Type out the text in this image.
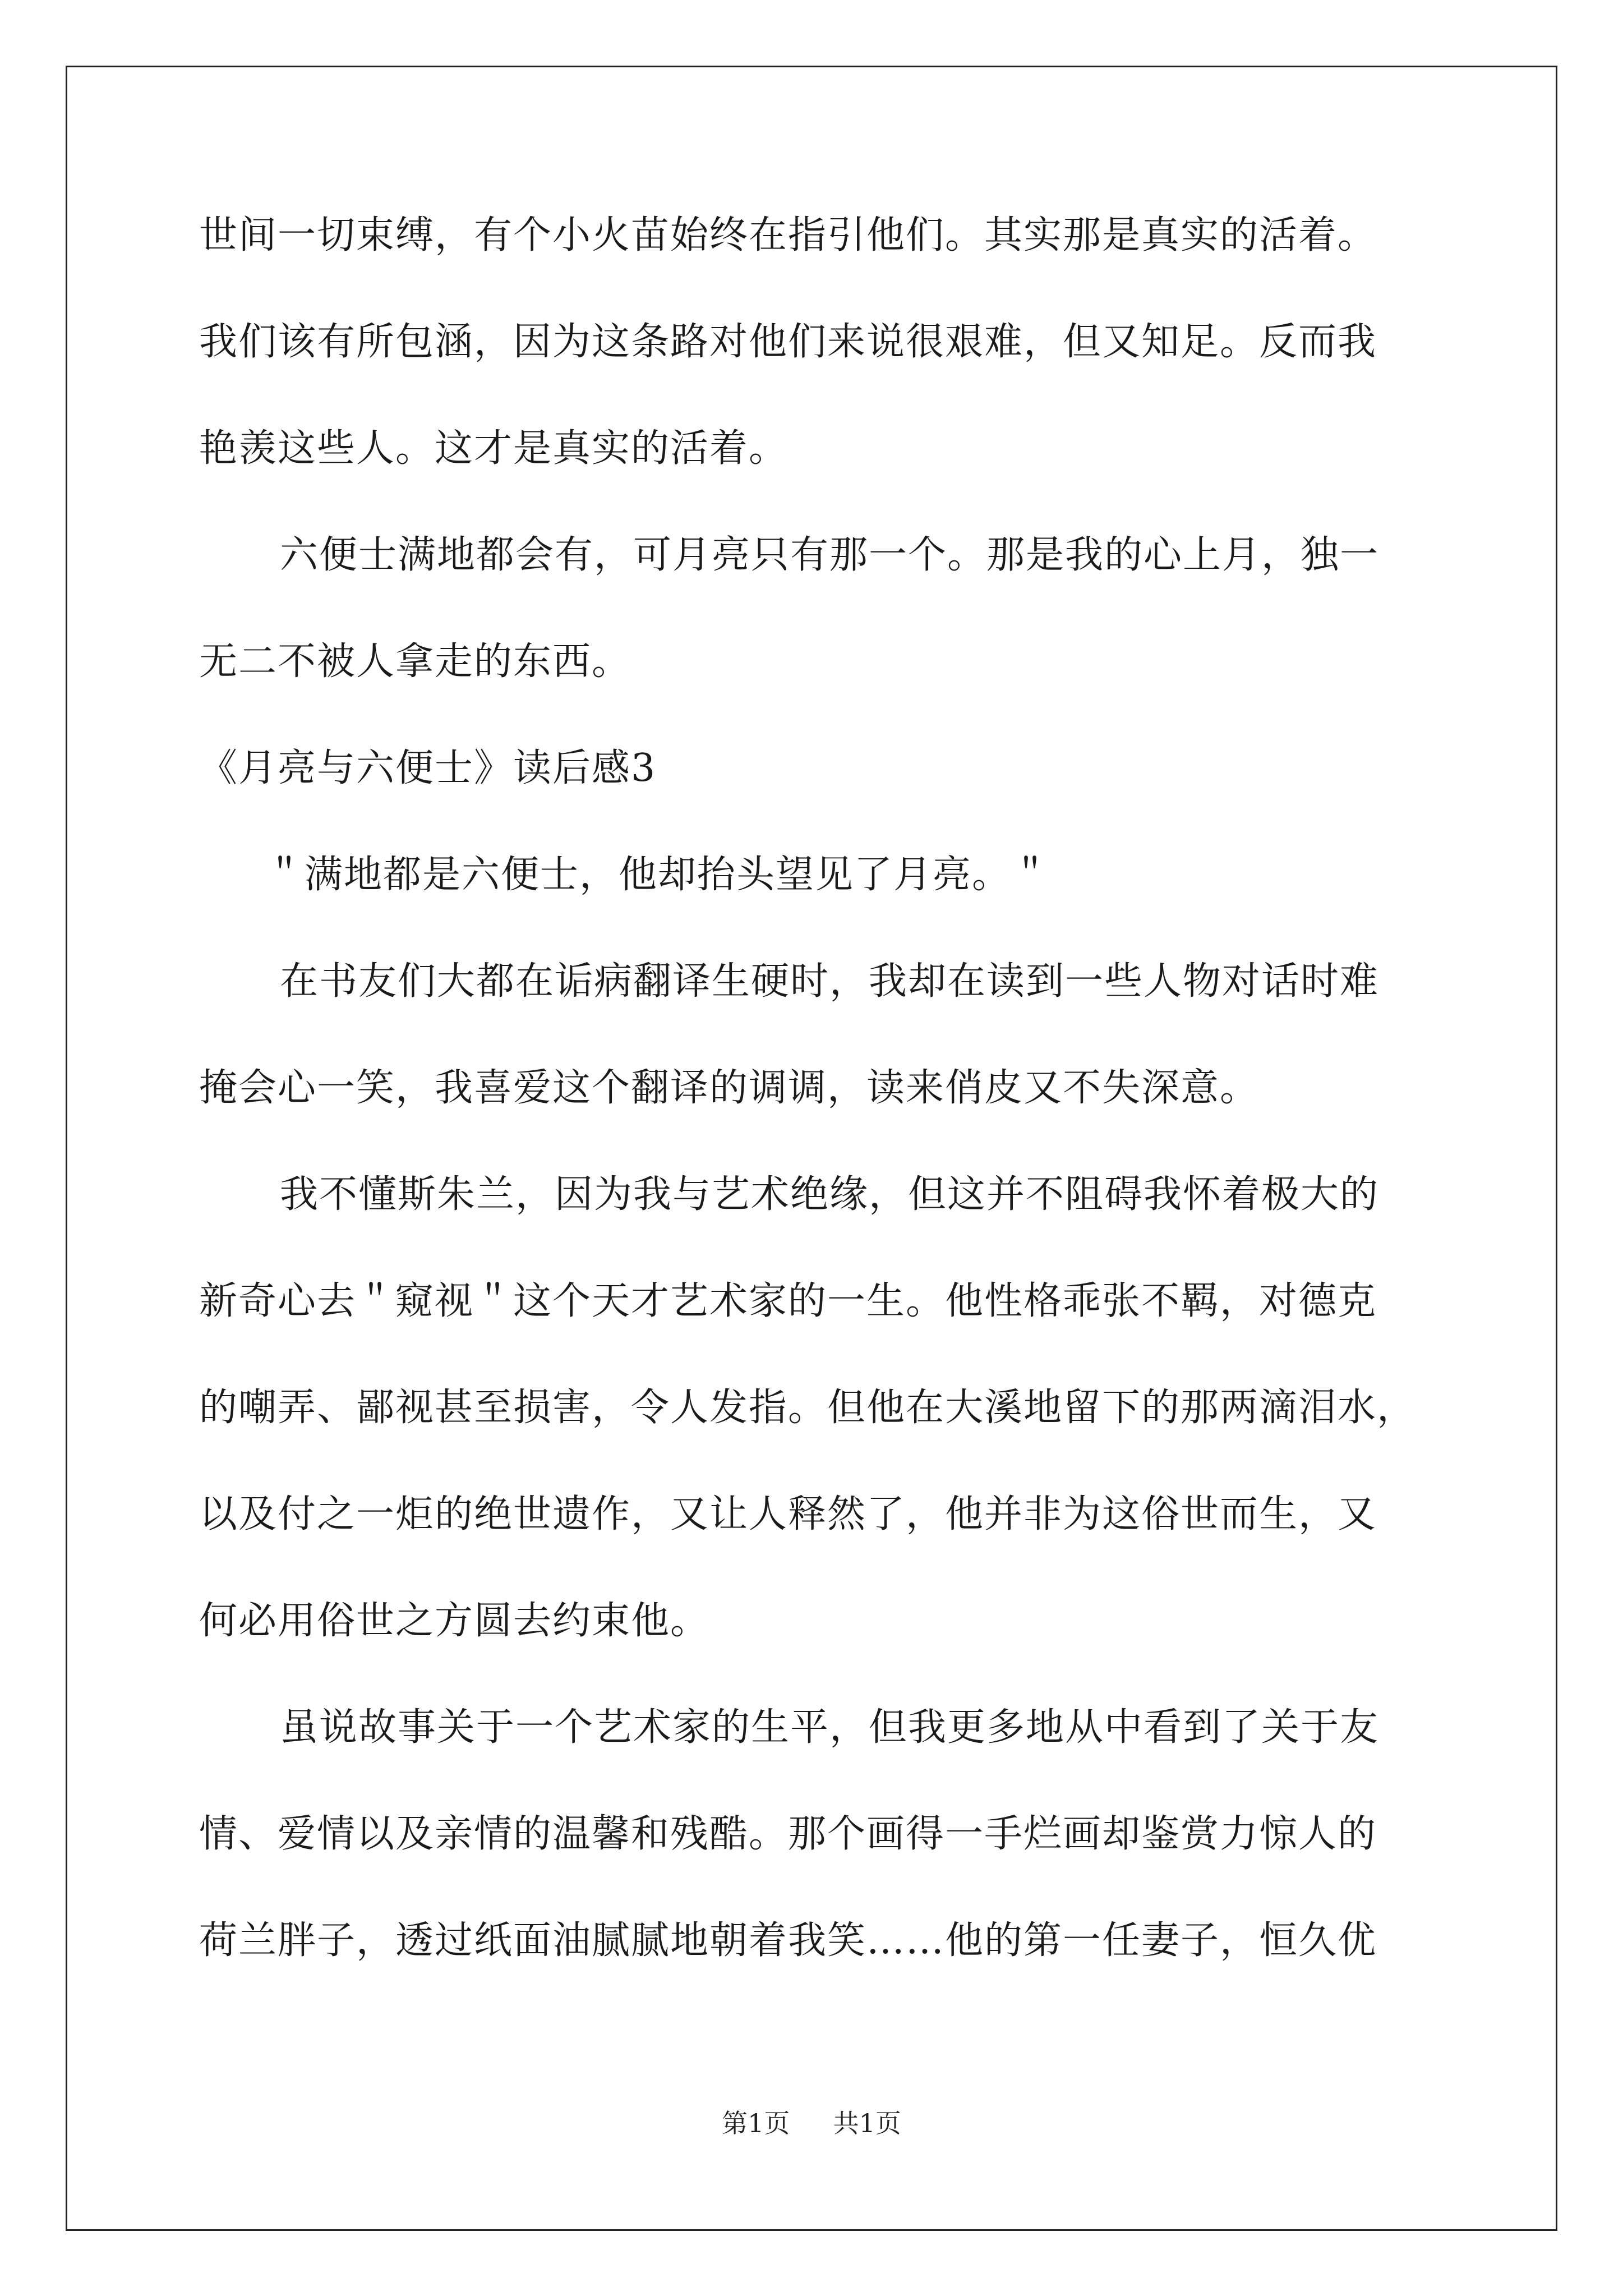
世间一切束缚，有个小火苗始终在指引他们。其实那是真实的活着。
我们该有所包涵，因为这条路对他们来说很艰难，但又知足。反而我
艳羡这些人。这才是真实的活着。
六便士满地都会有，可月亮只有那一个。那是我的心上月，独一
无二不被人拿走的东西。
《月亮与六便士》读后感3
＂满地都是六便士，他却抬头望见了月亮。＂
在书友们大都在诟病翻译生硬时，我却在读到一些人物对话时难
掩会心一笑，我喜爱这个翻译的调调，读来俏皮又不失深意。
我不懂斯朱兰，因为我与艺术绝缘，但这并不阻碍我怀着极大的
新奇心去＂窥视＂这个天才艺术家的一生。他性格乖张不羁，对德克
的嘲弄、鄙视甚至损害，令人发指。但他在大溪地留下的那两滴泪水，
以及付之一炬的绝世遗作，又让人释然了，他并非为这俗世而生，又
何必用俗世之方圆去约束他。
虽说故事关于一个艺术家的生平，但我更多地从中看到了关于友
情、爱情以及亲情的温馨和残酷。那个画得一手烂画却鉴赏力惊人的
荷兰胖子，透过纸面油腻腻地朝着我笑……他的第一任妻子，恒久优
第1页 共1页
